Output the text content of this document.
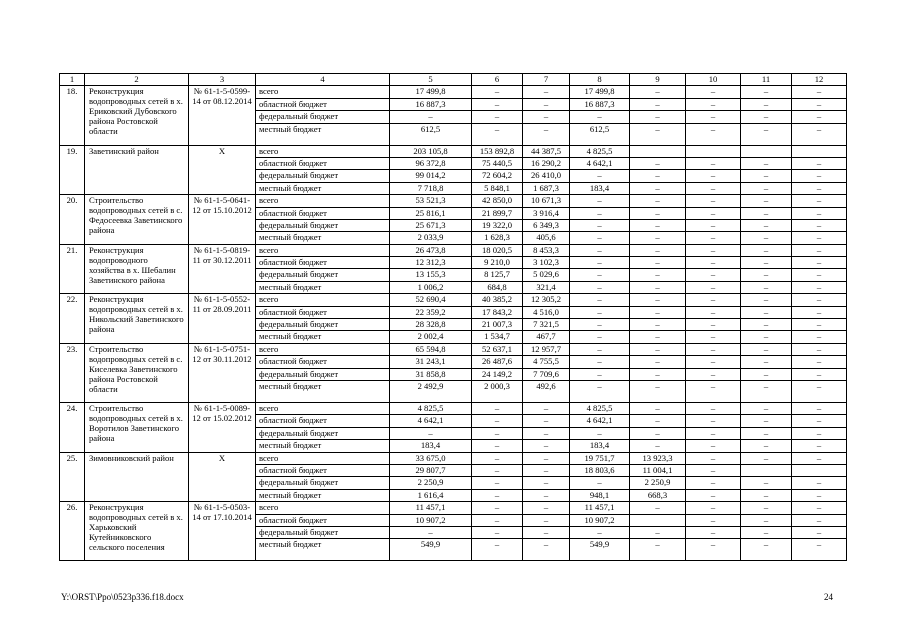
1	2	3	4	5	6	7	8	9	10	11	12
18.	Реконструкция водопроводных сетей в х. Ериковский Дубовского района Ростовской области	№ 61-1-5-0599-14 от 08.12.2014	всего	17 499,8	–	–	17 499,8	–	–	–	–
			областной бюджет	16 887,3	–	–	16 887,3	–	–	–	–
			федеральный бюджет	–	–	–	–	–	–	–	–
			местный бюджет	612,5	–	–	612,5	–	–	–	–
19.	Заветинский район	Х	всего	203 105,8	153 892,8	44 387,5	4 825,5				
			областной бюджет	96 372,8	75 440,5	16 290,2	4 642,1	–	–	–	–
			федеральный бюджет	99 014,2	72 604,2	26 410,0	–	–	–	–	–
			местный бюджет	7 718,8	5 848,1	1 687,3	183,4	–	–	–	–
20.	Строительство водопроводных сетей в с. Федосеевка Заветинского района	№ 61-1-5-0641-12 от 15.10.2012	всего	53 521,3	42 850,0	10 671,3	–	–	–	–	–
			областной бюджет	25 816,1	21 899,7	3 916,4	–	–	–	–	–
			федеральный бюджет	25 671,3	19 322,0	6 349,3	–	–	–	–	–
			местный бюджет	2 033,9	1 628,3	405,6	–	–	–	–	–
21.	Реконструкция водопроводного хозяйства в х. Шебалин Заветинского района	№ 61-1-5-0819-11 от 30.12.2011	всего	26 473,8	18 020,5	8 453,3	–	–	–	–	–
			областной бюджет	12 312,3	9 210,0	3 102,3	–	–	–	–	–
			федеральный бюджет	13 155,3	8 125,7	5 029,6	–	–	–	–	–
			местный бюджет	1 006,2	684,8	321,4	–	–	–	–	–
22.	Реконструкция водопроводных сетей в х. Никольский Заветинского района	№ 61-1-5-0552-11 от 28.09.2011	всего	52 690,4	40 385,2	12 305,2	–	–	–	–	–
			областной бюджет	22 359,2	17 843,2	4 516,0	–	–	–	–	–
			федеральный бюджет	28 328,8	21 007,3	7 321,5	–	–	–	–	–
			местный бюджет	2 002,4	1 534,7	467,7	–	–	–	–	–
23.	Строительство водопроводных сетей в с. Киселевка Заветинского района Ростовской области	№ 61-1-5-0751-12 от 30.11.2012	всего	65 594,8	52 637,1	12 957,7	–	–	–	–	–
			областной бюджет	31 243,1	26 487,6	4 755,5	–	–	–	–	–
			федеральный бюджет	31 858,8	24 149,2	7 709,6	–	–	–	–	–
			местный бюджет	2 492,9	2 000,3	492,6	–	–	–	–	–
24.	Строительство водопроводных сетей в х. Воротилов Заветинского района	№ 61-1-5-0089-12 от 15.02.2012	всего	4 825,5	–	–	4 825,5	–	–	–	–
			областной бюджет	4 642,1	–	–	4 642,1	–	–	–	–
			федеральный бюджет	–	–	–	–	–	–	–	–
			местный бюджет	183,4	–	–	183,4	–	–	–	–
25.	Зимовниковский район	Х	всего	33 675,0	–	–	19 751,7	13 923,3	–	–	–
			областной бюджет	29 807,7	–	–	18 803,6	11 004,1	–		
			федеральный бюджет	2 250,9	–	–	–	2 250,9	–	–	–
			местный бюджет	1 616,4	–	–	948,1	668,3	–	–	–
26.	Реконструкция водопроводных сетей в х. Харьковский Кутейниковского сельского поселения	№ 61-1-5-0503-14 от 17.10.2014	всего	11 457,1	–	–	11 457,1	–	–	–	–
			областной бюджет	10 907,2	–	–	10 907,2		–	–	–
			федеральный бюджет	–	–	–	–	–	–	–	–
			местный бюджет	549,9	–	–	549,9	–	–	–	–
Y:\ORST\Ppo\0523p336.f18.docx	24
